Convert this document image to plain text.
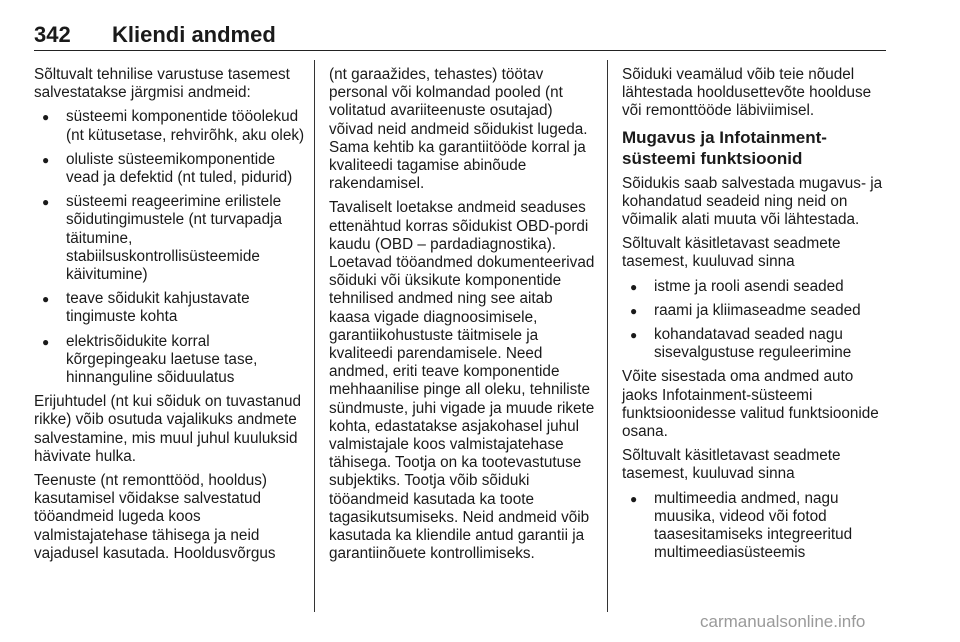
342 Kliendi andmed

Sõltuvalt tehnilise varustuse tasemest salvestatakse järgmisi andmeid:

● süsteemi komponentide tööolekud (nt kütusetase, rehvirõhk, aku olek)
● oluliste süsteemikomponentide vead ja defektid (nt tuled, pidurid)
● süsteemi reageerimine erilistele sõidutingimustele (nt turvapadja täitumine, stabiilsuskontrollisüsteemide käivitumine)
● teave sõidukit kahjustavate tingimuste kohta
● elektrisõidukite korral kõrgepingeaku laetuse tase, hinnanguline sõiduulatus

Erijuhtudel (nt kui sõiduk on tuvastanud rikke) võib osutuda vajalikuks andmete salvestamine, mis muul juhul kuuluksid hävivate hulka.

Teenuste (nt remonttööd, hooldus) kasutamisel võidakse salvestatud tööandmeid lugeda koos valmistajatehase tähisega ja neid vajadusel kasutada. Hooldusvõrgus

(nt garaažides, tehastes) töötav personal või kolmandad pooled (nt volitatud avariiteenuste osutajad) võivad neid andmeid sõidukist lugeda. Sama kehtib ka garantiitööde korral ja kvaliteedi tagamise abinõude rakendamisel.

Tavaliselt loetakse andmeid seaduses ettenähtud korras sõidukist OBD-pordi kaudu (OBD – pardadiagnostika). Loetavad tööandmed dokumenteerivad sõiduki või üksikute komponentide tehnilised andmed ning see aitab kaasa vigade diagnoosimisele, garantiikohustuste täitmisele ja kvaliteedi parendamisele. Need andmed, eriti teave komponentide mehhaanilise pinge all oleku, tehniliste sündmuste, juhi vigade ja muude rikete kohta, edastatakse asjakohasel juhul valmistajale koos valmistajatehase tähisega. Tootja on ka tootevastutuse subjektiks. Tootja võib sõiduki tööandmeid kasutada ka toote tagasikutsumiseks. Neid andmeid võib kasutada ka kliendile antud garantii ja garantiinõuete kontrollimiseks.

Sõiduki veamälud võib teie nõudel lähtestada hooldusettevõte hoolduse või remonttööde läbiviimisel.

Mugavus ja Infotainment-süsteemi funktsioonid

Sõidukis saab salvestada mugavus- ja kohandatud seadeid ning neid on võimalik alati muuta või lähtestada.

Sõltuvalt käsitletavast seadmete tasemest, kuuluvad sinna

● istme ja rooli asendi seaded
● raami ja kliimaseadme seaded
● kohandatavad seaded nagu sisevalgustuse reguleerimine

Võite sisestada oma andmed auto jaoks Infotainment-süsteemi funktsioonidesse valitud funktsioonide osana.

Sõltuvalt käsitletavast seadmete tasemest, kuuluvad sinna

● multimeedia andmed, nagu muusika, videod või fotod taasesitamiseks integreeritud multimeediasüsteemis
carmanualsonline.info
